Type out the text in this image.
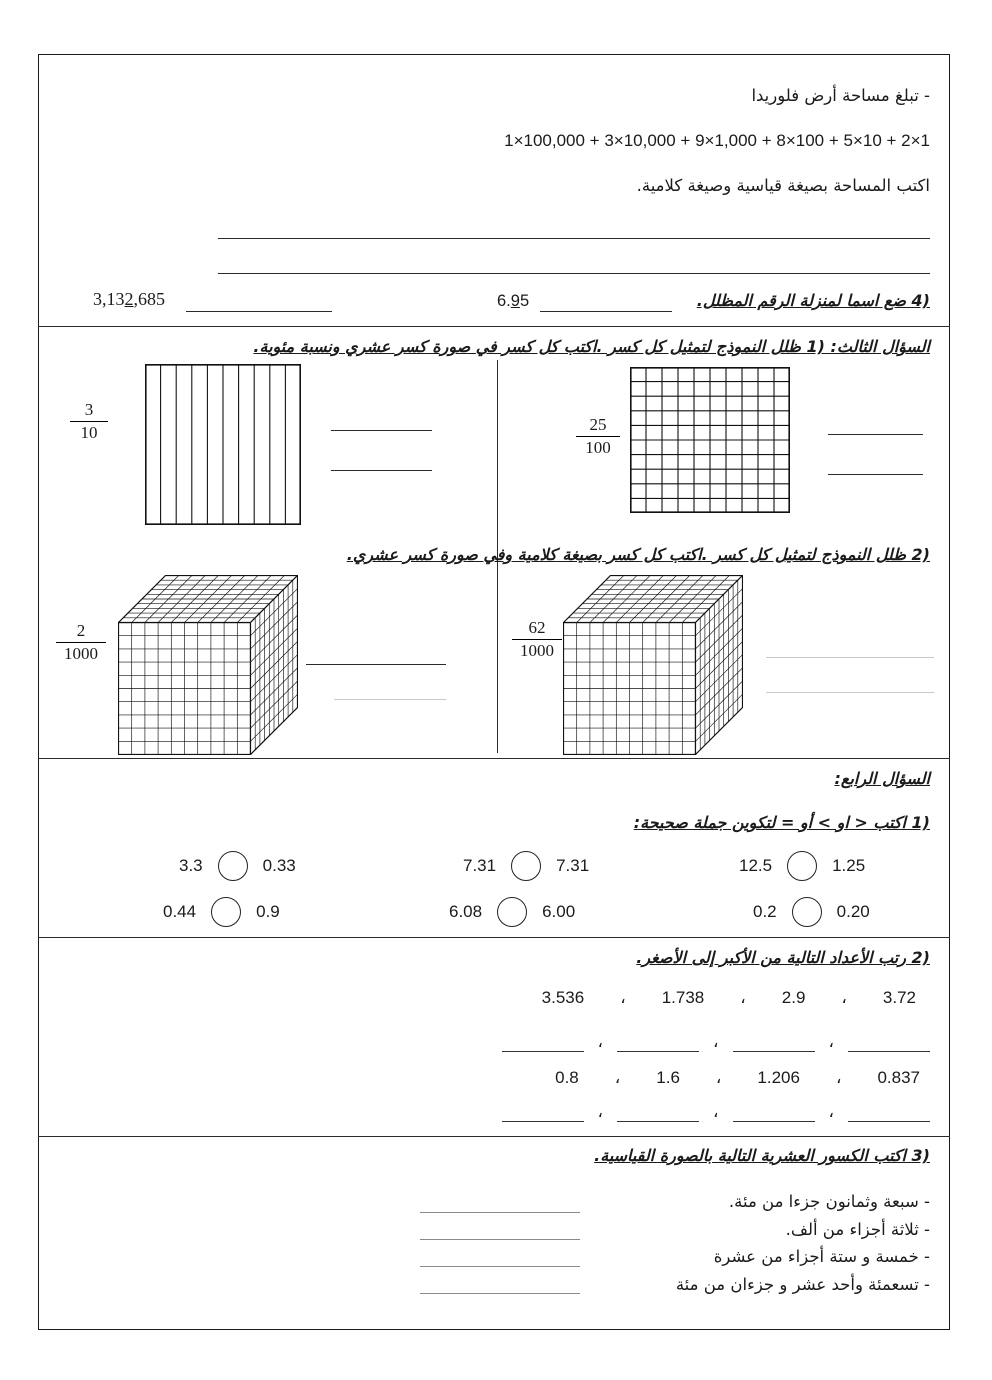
- تبلغ مساحة أرض فلوريدا
1×100,000 + 3×10,000 + 9×1,000 + 8×100 + 5×10 + 2×1
اكتب المساحة بصيغة قياسية وصيغة كلامية.
4) ضع اسما لمنزلة الرقم المظلل.
6.95
3,132,685
السؤال الثالث: 1) ظلل النموذج لتمثيل كل كسر .اكتب كل كسر في صورة كسر عشري ونسبة مئوية.
$\frac{3}{10}$	$\frac{25}{100}$
2) ظلل النموذج لتمثيل كل كسر .اكتب كل كسر بصيغة كلامية وفي صورة كسر عشري.
$\frac{2}{1000}$	$\frac{62}{1000}$
السؤال الرابع:
1) اكتب < او > أو = لتكوين جملة صحيحة:
3.3	0.33	7.31	7.31	12.5	1.25
0.44	0.9	6.08	6.00	0.2	0.20
2) رتب الأعداد التالية من الأكبر إلى الأصغر.
3.72
،
2.9
،
1.738
،
3.536
،
،
،
0.837
،
1.206
،
1.6
،
0.8
،
،
،
3) اكتب الكسور العشرية التالية بالصورة القياسية.
- سبعة وثمانون جزءا من مئة.
- ثلاثة أجزاء من ألف.
- خمسة و ستة أجزاء من عشرة
- تسعمئة وأحد عشر و جزءان من مئة
